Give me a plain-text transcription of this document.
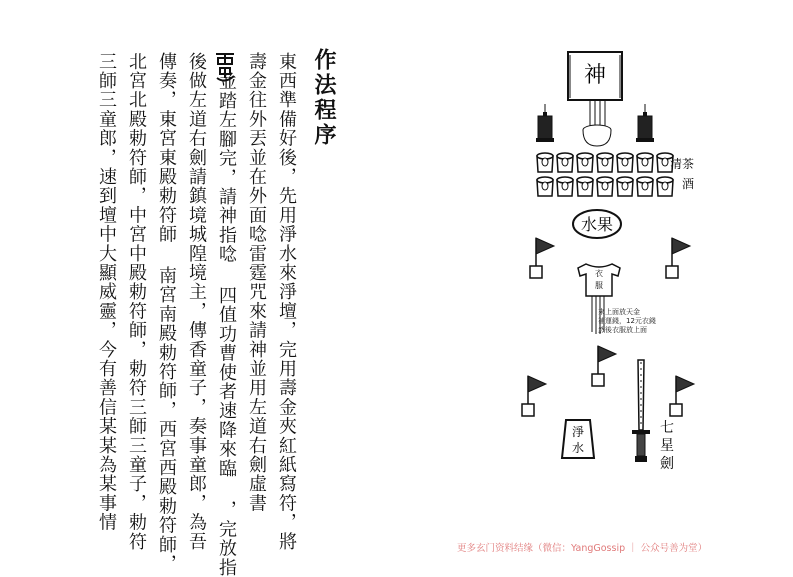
作法程序
東西準備好後，先用淨水來淨壇，完用壽金夾紅紙寫符，將
壽金往外丟並在外面唸雷霆咒來請神並用左道右劍虛書
並踏左腳完，請神指唸 四值功曹使者速降來臨 ，完放指
後做左道右劍請鎮境城隍境主，傳香童子，奏事童郎，為吾
傳奏，東宮東殿勅符師 南宮南殿勅符師，西宮西殿勅符師，
北宮北殿勅符師，中宮中殿勅符師，勅符三師三童子，勅符
三師三童郎，速到壇中大顯威靈，今有善信某某為某事情	神
清茶
酒
水果
衣
服
淨
水
七
星
劍
來上面放天金
補運錢，12元衣錢
然後衣服放上面
更多玄门资料结缘（微信：YangGossip ｜ 公众号善为堂）
